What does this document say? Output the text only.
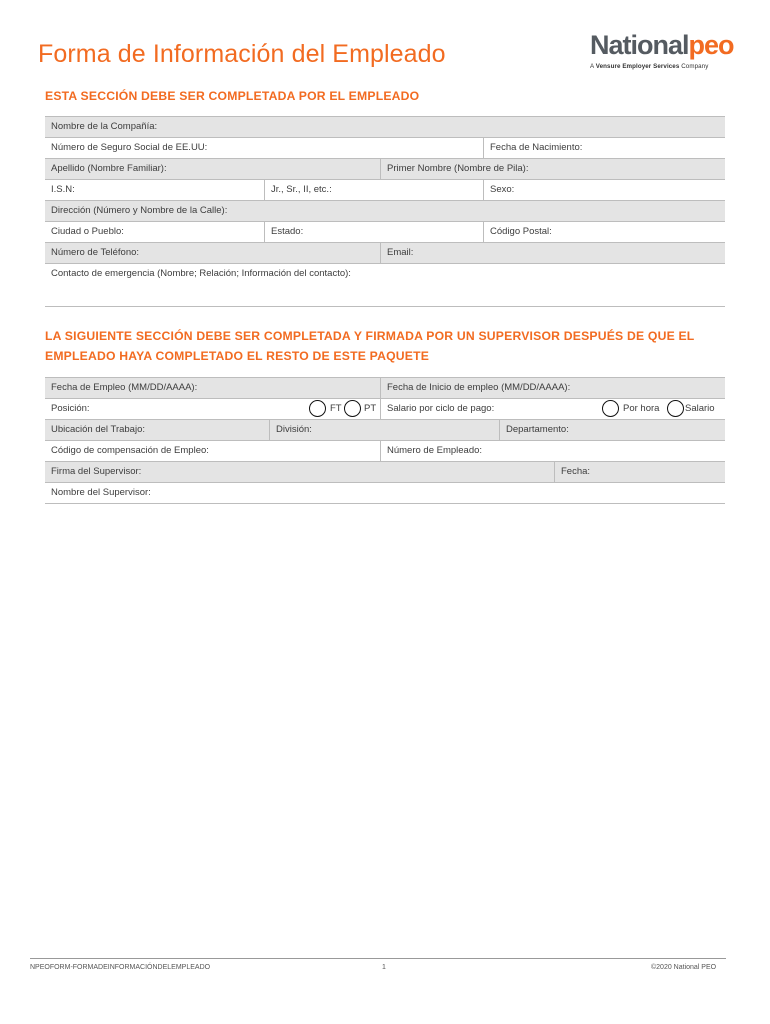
Forma de Información del Empleado	Nationalpeo
A Vensure Employer Services Company
ESTA SECCIÓN DEBE SER COMPLETADA POR EL EMPLEADO
Nombre de la Compañía:
Número de Seguro Social de EE.UU:	Fecha de Nacimiento:
Apellido (Nombre Familiar):	Primer Nombre (Nombre de Pila):
I.S.N:	Jr., Sr., II, etc.:	Sexo:
Dirección (Número y Nombre de la Calle):
Ciudad o Pueblo:	Estado:	Código Postal:
Número de Teléfono:	Email:
Contacto de emergencia (Nombre; Relación; Información del contacto):
LA SIGUIENTE SECCIÓN DEBE SER COMPLETADA Y FIRMADA POR UN SUPERVISOR DESPUÉS DE QUE EL
EMPLEADO HAYA COMPLETADO EL RESTO DE ESTE PAQUETE
Fecha de Empleo (MM/DD/AAAA):	Fecha de Inicio de empleo (MM/DD/AAAA):
Posición:	FT PT	Salario por ciclo de pago:	Por hora	Salario
Ubicación del Trabajo:	División:	Departamento:
Código de compensación de Empleo:	Número de Empleado:
Firma del Supervisor:	Fecha:
Nombre del Supervisor:
NPEOFORM-FORMADEINFORMACIÓNDELEMPLEADO	1	©2020 National PEO
